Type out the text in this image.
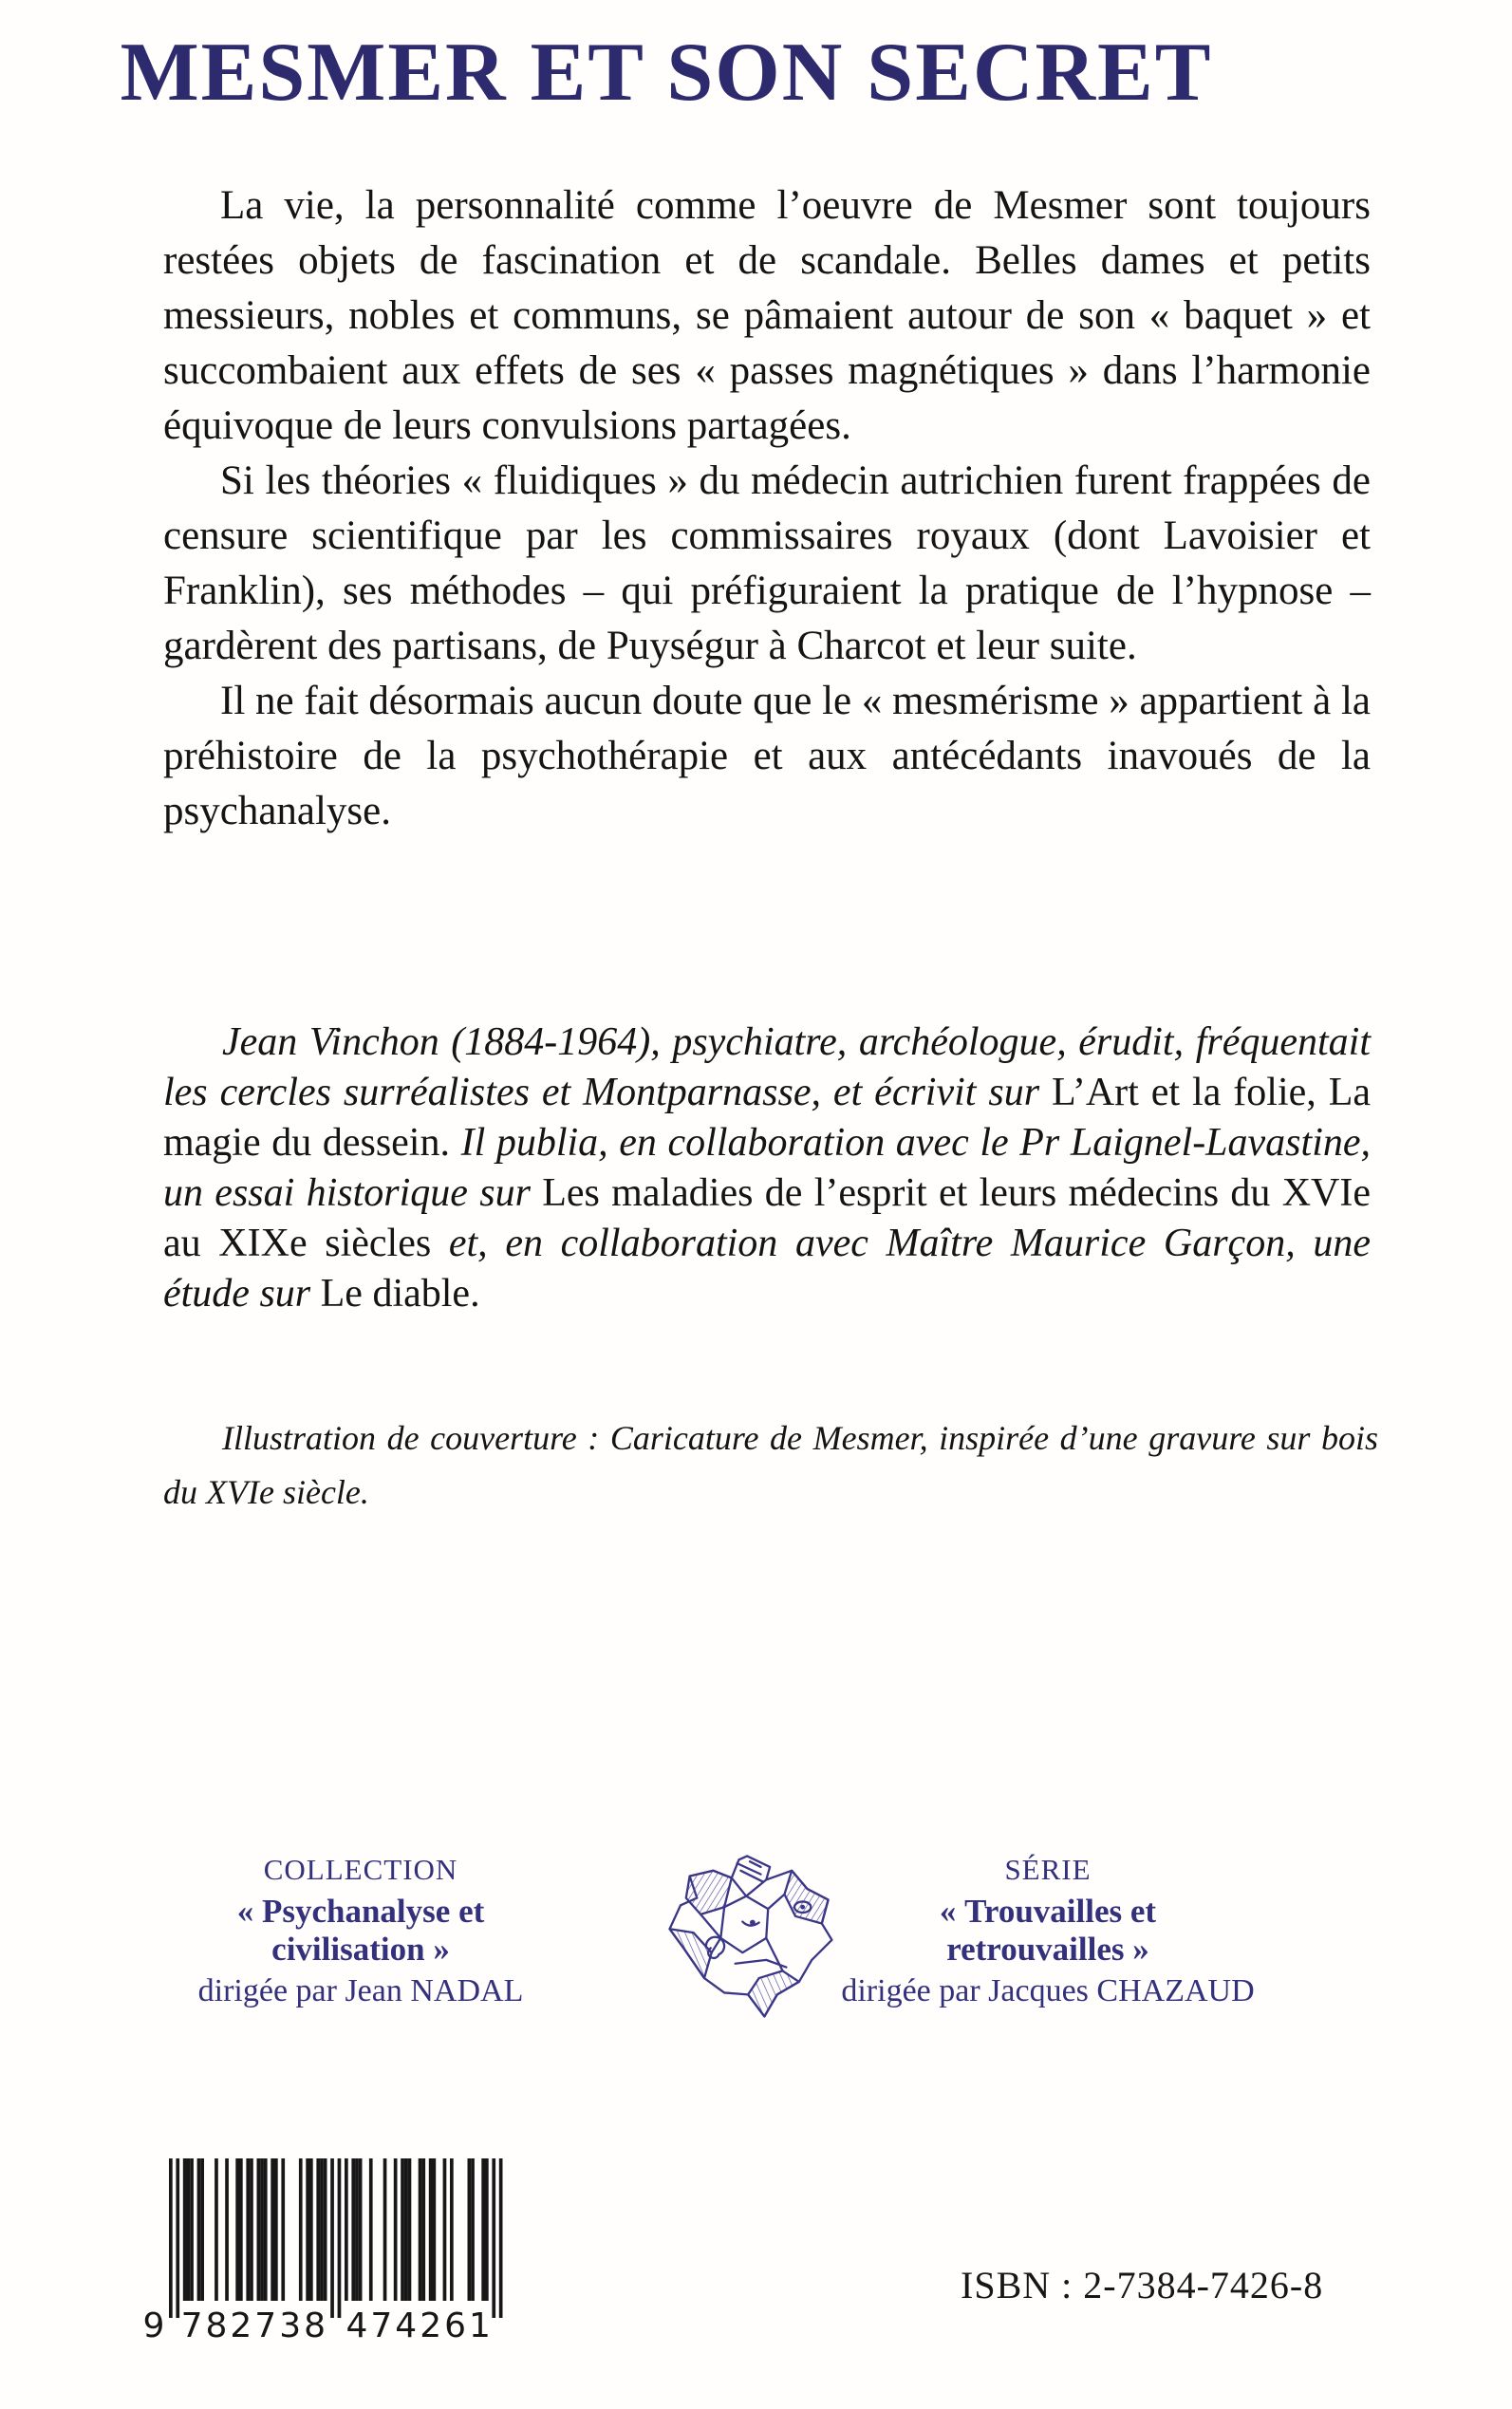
MESMER ET SON SECRET

La vie, la personnalité comme l’oeuvre de Mesmer sont toujours restées objets de fascination et de scandale. Belles dames et petits messieurs, nobles et communs, se pâmaient autour de son « baquet » et succombaient aux effets de ses « passes magnétiques » dans l’harmonie équivoque de leurs convulsions partagées.

Si les théories « fluidiques » du médecin autrichien furent frappées de censure scientifique par les commissaires royaux (dont Lavoisier et Franklin), ses méthodes – qui préfiguraient la pratique de l’hypnose – gardèrent des partisans, de Puységur à Charcot et leur suite.

Il ne fait désormais aucun doute que le « mesmérisme » appartient à la préhistoire de la psychothérapie et aux antécédants inavoués de la psychanalyse.

Jean Vinchon (1884-1964), psychiatre, archéologue, érudit, fréquentait les cercles surréalistes et Montparnasse, et écrivit sur L’Art et la folie, La magie du dessein. Il publia, en collaboration avec le Pr Laignel-Lavastine, un essai historique sur Les maladies de l’esprit et leurs médecins du XVIe au XIXe siècles et, en collaboration avec Maître Maurice Garçon, une étude sur Le diable.

Illustration de couverture : Caricature de Mesmer, inspirée d’une gravure sur bois du XVIe siècle.

COLLECTION
« Psychanalyse et civilisation »
dirigée par Jean NADAL
SÉRIE
« Trouvailles et retrouvailles »
dirigée par Jacques CHAZAUD
9 7 8 2 7 3 8 4 7 4 2 6 1

ISBN : 2-7384-7426-8
